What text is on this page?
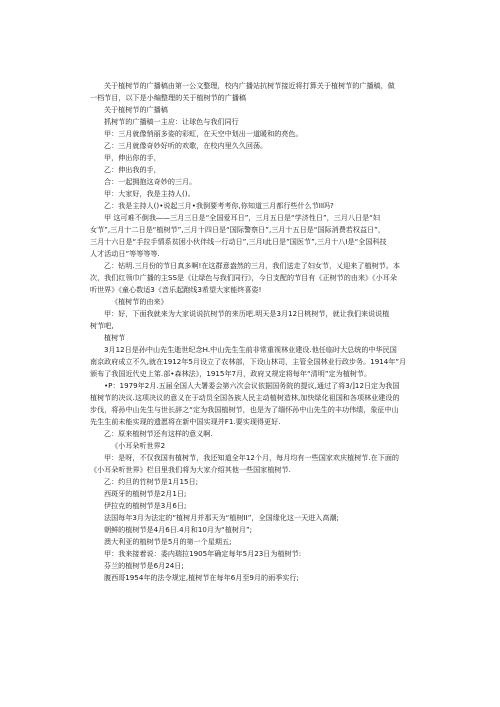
关于植树节的广播稿由第一公文整理，校内广播站抗树节接近将打算关于植树节的广播稿，做

一档节目，以下是小编整理的关于植树节的广播稿

关于植树节的广播稿

抓树节的广播稿一主应：让球色与我们同行

甲：三月就像悄丽多姿的彩虹，在天空中划出一道暖和的亮色。

乙：三月就像奇妙好听的欢歌，在校内里久久回荡。

甲，伸出你的手，

乙：伸出我的手，

合：一起拥抱这奇妙的三月。

甲：大家好，我是主持人()。

乙：我是主持人()•说起三月•我倒要考考你,你知道三月都行些什么节II吗?

甲 这可难不倒我——三月三日是“全国爱耳日”，三月五日是“学济性日”，三月八日是“妇

女节”,三月十二日是“植树节”,三月十四日是“国际警察日”,三月十五日是“国际消费若权益日”，

三月十六日是“手拉手情系贫困小伙伴线一行动日”,三月I此日是”国医节”,三月十八I是“全国科技

人才活动日”等等等等.

乙：钻明.三月份的节日真多啊!在这群意盎然的三月，我们送走了妇女节，乂迎来了植树节。本

次，我们红领巾广播的主SS是《让绿色与我们同行》，今日支配的节目有《正树节的由来》《小耳朵

听世界》《童心数适3《音乐起跑线3希望大家能终喜姿!

《植树节的由来》

甲：好，下面我就来为大家说说抗树节的来历吧.明天是3月12日桃树节，就让我们来说说植

树节吧,

植树节

3月12日是孙中山先生逝世纪念H.中山先生生前非常重视林业建设.他任临时大总统的中华民国

南京政府成立不久,就在1912年5月设立了农林部，下设山林司，主管全国林业行政步务。1914年”月

颁布了我国近代史上笫.部•森林法》，1915年7月，政府又规定将每年“清明”定为植树节。

•P：1979年2月.五届全国人大署委会第六次会议依据国务院的提议,通过了将3/]12日定为我国

植树节的决议.这项决议的意义在于动员全国各族人民主动植树造林,加快绿化祖国和各项林业建设的

步伐，将孙中山先生与世长辞之“定为我国植树节，也是为了缅怀孙中山先生的丰功伟绩，象征中山

先生生前未能实现的遗愿将在新中国实现并F1.要实现得更好.

乙：原来植树节还有这样的意义啊.

《小耳朵听世界2

甲：是呀，不仅我国有植树节，我还知道全年12个月，每月均有一些国家欢庆植树节.在下面的

《小耳朵听世界》栏目里我们将为大家介绍其他一些国家植树节.

乙：约旦的竹树节是1月15日;

西斑牙的植树节是2月1日;

伊拉克的植树节是3月6日;

法国每年3月为法定的“植树月并那天为“植树II”，全国缘化这一天进入高潮;

朝鲜的植树节是4月6日.4月和10月为“植树月”;

澳大利亚的植树节是5月的第一个星期五;

甲：我来接着说：委内瑞拉1905年确定每年5月23日为植树节:

芬兰的植树节是6月24日;

腹西哥1954年的法令规定,植树节在每年6月至9月的雨季实行;
